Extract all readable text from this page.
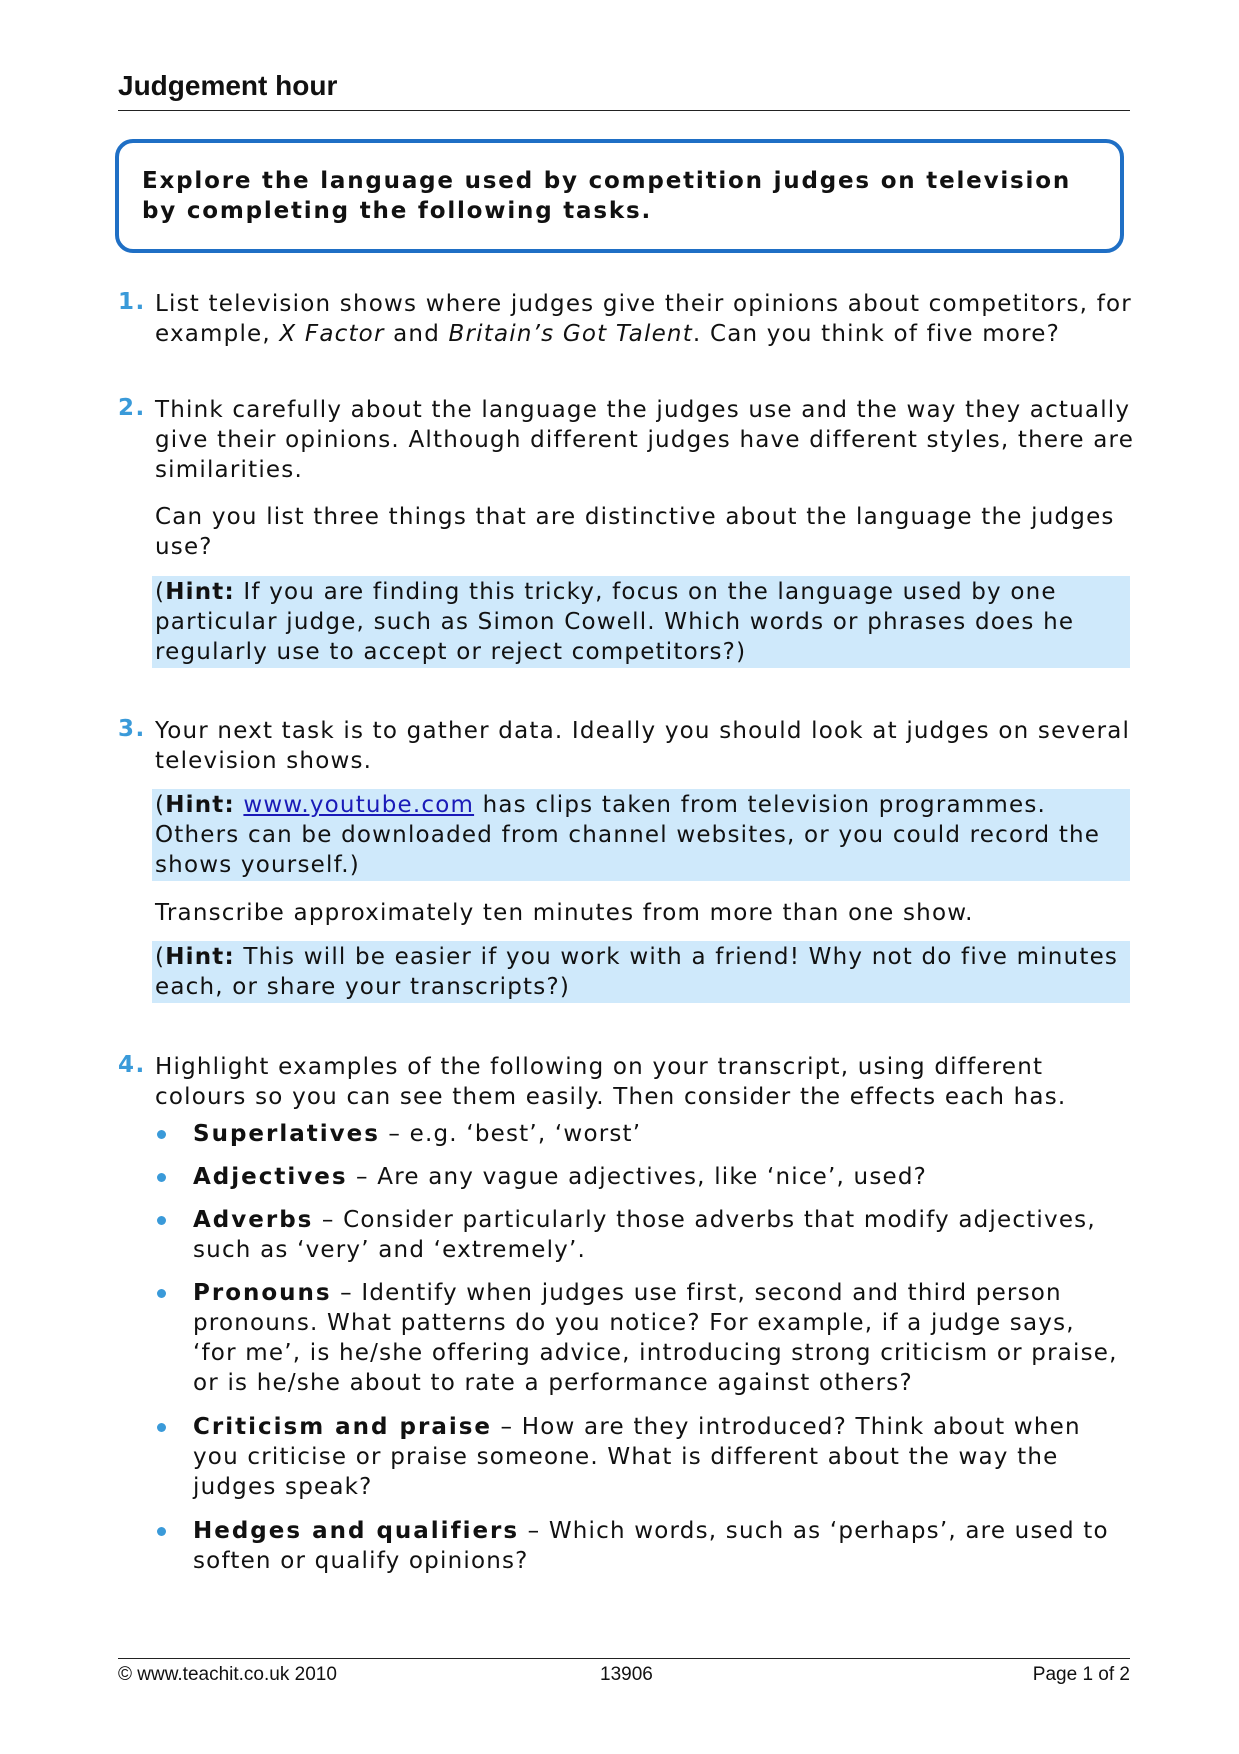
Judgement hour
Explore the language used by competition judges on television by completing the following tasks.
1. List television shows where judges give their opinions about competitors, for example, X Factor and Britain’s Got Talent. Can you think of five more?
2. Think carefully about the language the judges use and the way they actually give their opinions. Although different judges have different styles, there are similarities.
Can you list three things that are distinctive about the language the judges use?
(Hint: If you are finding this tricky, focus on the language used by one particular judge, such as Simon Cowell. Which words or phrases does he regularly use to accept or reject competitors?)
3. Your next task is to gather data. Ideally you should look at judges on several television shows.
(Hint: www.youtube.com has clips taken from television programmes. Others can be downloaded from channel websites, or you could record the shows yourself.)
Transcribe approximately ten minutes from more than one show.
(Hint: This will be easier if you work with a friend! Why not do five minutes each, or share your transcripts?)
4. Highlight examples of the following on your transcript, using different colours so you can see them easily. Then consider the effects each has.
Superlatives – e.g. ‘best’, ‘worst’
Adjectives – Are any vague adjectives, like ‘nice’, used?
Adverbs – Consider particularly those adverbs that modify adjectives, such as ‘very’ and ‘extremely’.
Pronouns – Identify when judges use first, second and third person pronouns. What patterns do you notice? For example, if a judge says, ‘for me’, is he/she offering advice, introducing strong criticism or praise, or is he/she about to rate a performance against others?
Criticism and praise – How are they introduced? Think about when you criticise or praise someone. What is different about the way the judges speak?
Hedges and qualifiers – Which words, such as ‘perhaps’, are used to soften or qualify opinions?
© www.teachit.co.uk 2010	13906	Page 1 of 2
